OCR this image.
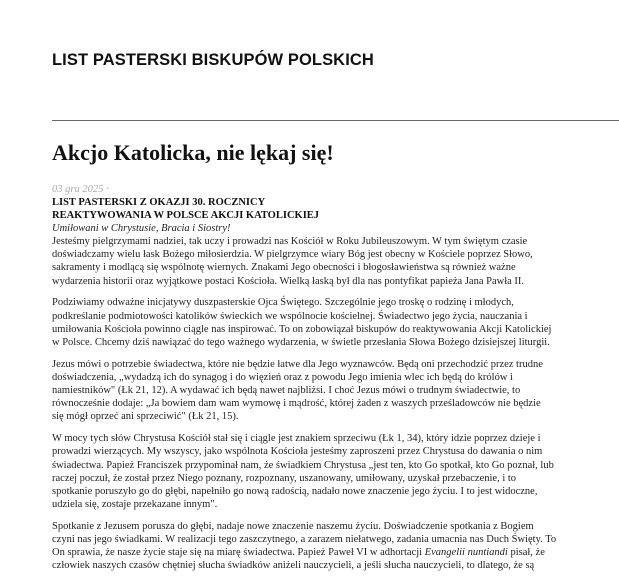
LIST PASTERSKI BISKUPÓW POLSKICH
Akcjo Katolicka, nie lękaj się!
03 gru 2025 ·
LIST PASTERSKI Z OKAZJI 30. ROCZNICY
REAKTYWOWANIA W POLSCE AKCJI KATOLICKIEJ
Umiłowani w Chrystusie, Bracia i Siostry!

Jesteśmy pielgrzymami nadziei, tak uczy i prowadzi nas Kościół w Roku Jubileuszowym. W tym świętym czasie
doświadczamy wielu łask Bożego miłosierdzia. W pielgrzymce wiary Bóg jest obecny w Kościele poprzez Słowo,
sakramenty i modlącą się wspólnotę wiernych. Znakami Jego obecności i błogosławieństwa są również ważne
wydarzenia historii oraz wyjątkowe postaci Kościoła. Wielką łaską był dla nas pontyfikat papieża Jana Pawła II.

Podziwiamy odważne inicjatywy duszpasterskie Ojca Świętego. Szczególnie jego troskę o rodzinę i młodych,
podkreślanie podmiotowości katolików świeckich we wspólnocie kościelnej. Świadectwo jego życia, nauczania i
umiłowania Kościoła powinno ciągle nas inspirować. To on zobowiązał biskupów do reaktywowania Akcji Katolickiej
w Polsce. Chcemy dziś nawiązać do tego ważnego wydarzenia, w świetle przesłania Słowa Bożego dzisiejszej liturgii.

Jezus mówi o potrzebie świadectwa, które nie będzie łatwe dla Jego wyznawców. Będą oni przechodzić przez trudne
doświadczenia, „wydadzą ich do synagog i do więzień oraz z powodu Jego imienia wlec ich będą do królów i
namiestników" (Łk 21, 12). A wydawać ich będą nawet najbliżsi. I choć Jezus mówi o trudnym świadectwie, to
równocześnie dodaje: „Ja bowiem dam wam wymowę i mądrość, której żaden z waszych prześladowców nie będzie
się mógł oprzeć ani sprzeciwić" (Łk 21, 15).

W mocy tych słów Chrystusa Kościół stał się i ciągle jest znakiem sprzeciwu (Łk 1, 34), który idzie poprzez dzieje i
prowadzi wierzących. My wszyscy, jako wspólnota Kościoła jesteśmy zaproszeni przez Chrystusa do dawania o nim
świadectwa. Papież Franciszek przypominał nam, że świadkiem Chrystusa „jest ten, kto Go spotkał, kto Go poznał, lub
raczej poczuł, że został przez Niego poznany, rozpoznany, uszanowany, umiłowany, uzyskał przebaczenie, i to
spotkanie poruszyło go do głębi, napełniło go nową radością, nadało nowe znaczenie jego życiu. I to jest widoczne,
udziela się, zostaje przekazane innym".

Spotkanie z Jezusem porusza do głębi, nadaje nowe znaczenie naszemu życiu. Doświadczenie spotkania z Bogiem
czyni nas jego świadkami. W realizacji tego zaszczytnego, a zarazem niełatwego, zadania umacnia nas Duch Święty. To
On sprawia, że nasze życie staje się na miarę świadectwa. Papież Paweł VI w adhortacji Evangelii nuntiandi pisał, że
człowiek naszych czasów chętniej słucha świadków aniżeli nauczycieli, a jeśli słucha nauczycieli, to dlatego, że są
